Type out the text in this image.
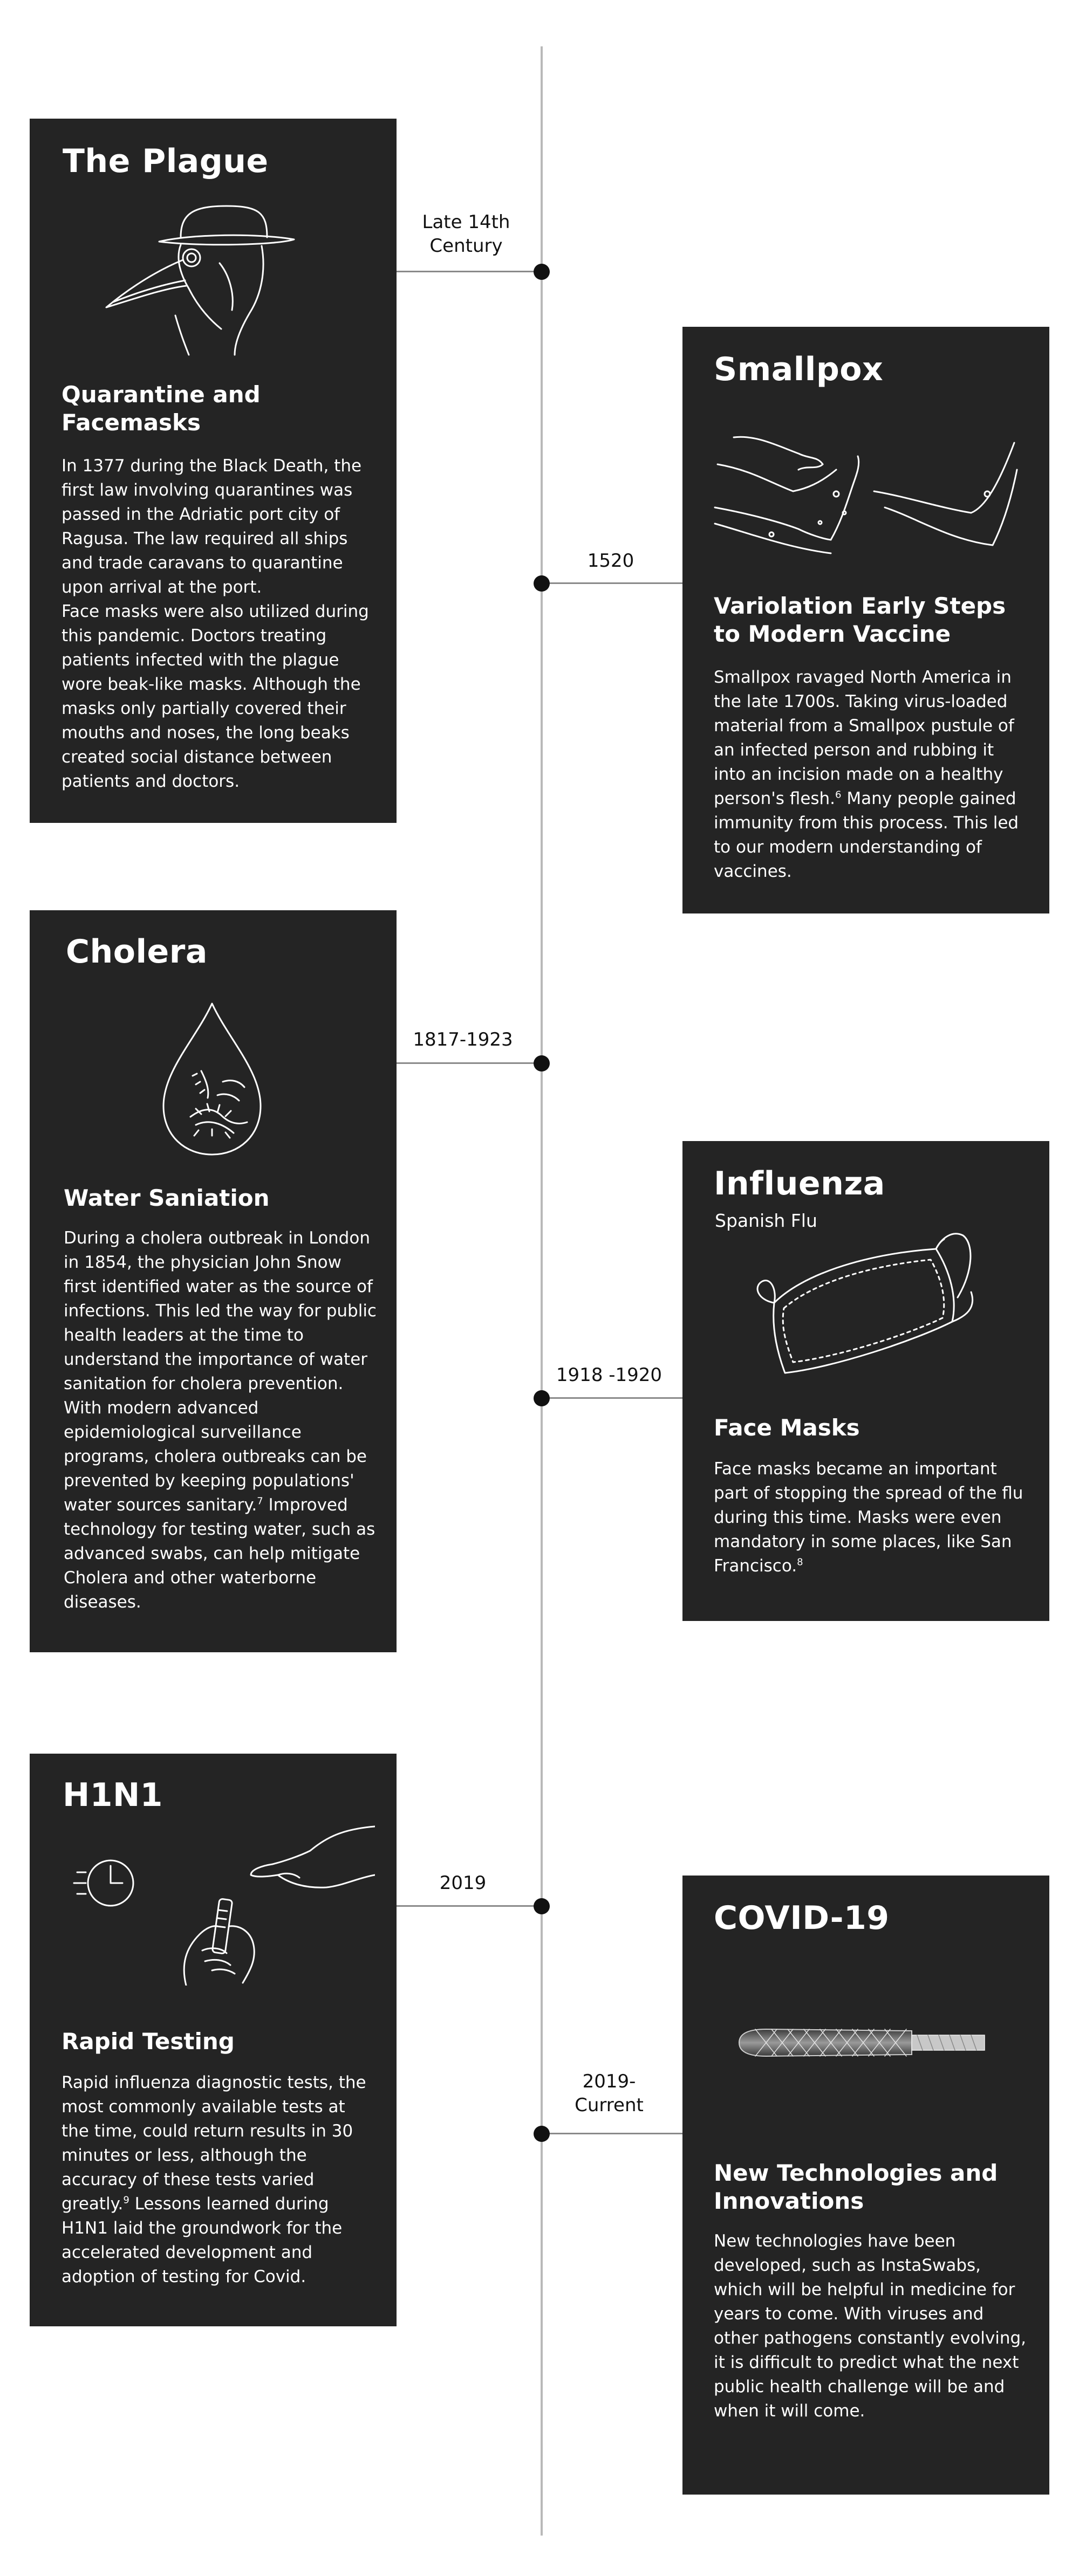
Late 14th
Century
The Plague
Quarantine and Facemasks

In 1377 during the Black Death, the first law involving quarantines was passed in the Adriatic port city of Ragusa. The law required all ships and trade caravans to quarantine upon arrival at the port.

Face masks were also utilized during this pandemic. Doctors treating patients infected with the plague wore beak-like masks. Although the masks only partially covered their mouths and noses, the long beaks created social distance between patients and doctors.

1520
Smallpox
Variolation Early Steps to Modern Vaccine

Smallpox ravaged North America in the late 1700s. Taking virus-loaded material from a Smallpox pustule of an infected person and rubbing it into an incision made on a healthy person's flesh.$^6$ Many people gained immunity from this process. This led to our modern understanding of vaccines.

1817-1923
Cholera
Water Saniation

During a cholera outbreak in London in 1854, the physician John Snow first identified water as the source of infections. This led the way for public health leaders at the time to understand the importance of water sanitation for cholera prevention. With modern advanced epidemiological surveillance programs, cholera outbreaks can be prevented by keeping populations' water sources sanitary.$^7$ Improved technology for testing water, such as advanced swabs, can help mitigate Cholera and other waterborne diseases.

1918 -1920
Influenza
Spanish Flu
Face Masks

Face masks became an important part of stopping the spread of the flu during this time. Masks were even mandatory in some places, like San Francisco.$^8$

2019
H1N1
Rapid Testing

Rapid influenza diagnostic tests, the most commonly available tests at the time, could return results in 30 minutes or less, although the accuracy of these tests varied greatly.$^9$ Lessons learned during H1N1 laid the groundwork for the accelerated development and adoption of testing for Covid.

2019-
Current
COVID-19
New Technologies and Innovations

New technologies have been developed, such as InstaSwabs, which will be helpful in medicine for years to come. With viruses and other pathogens constantly evolving, it is difficult to predict what the next public health challenge will be and when it will come.
